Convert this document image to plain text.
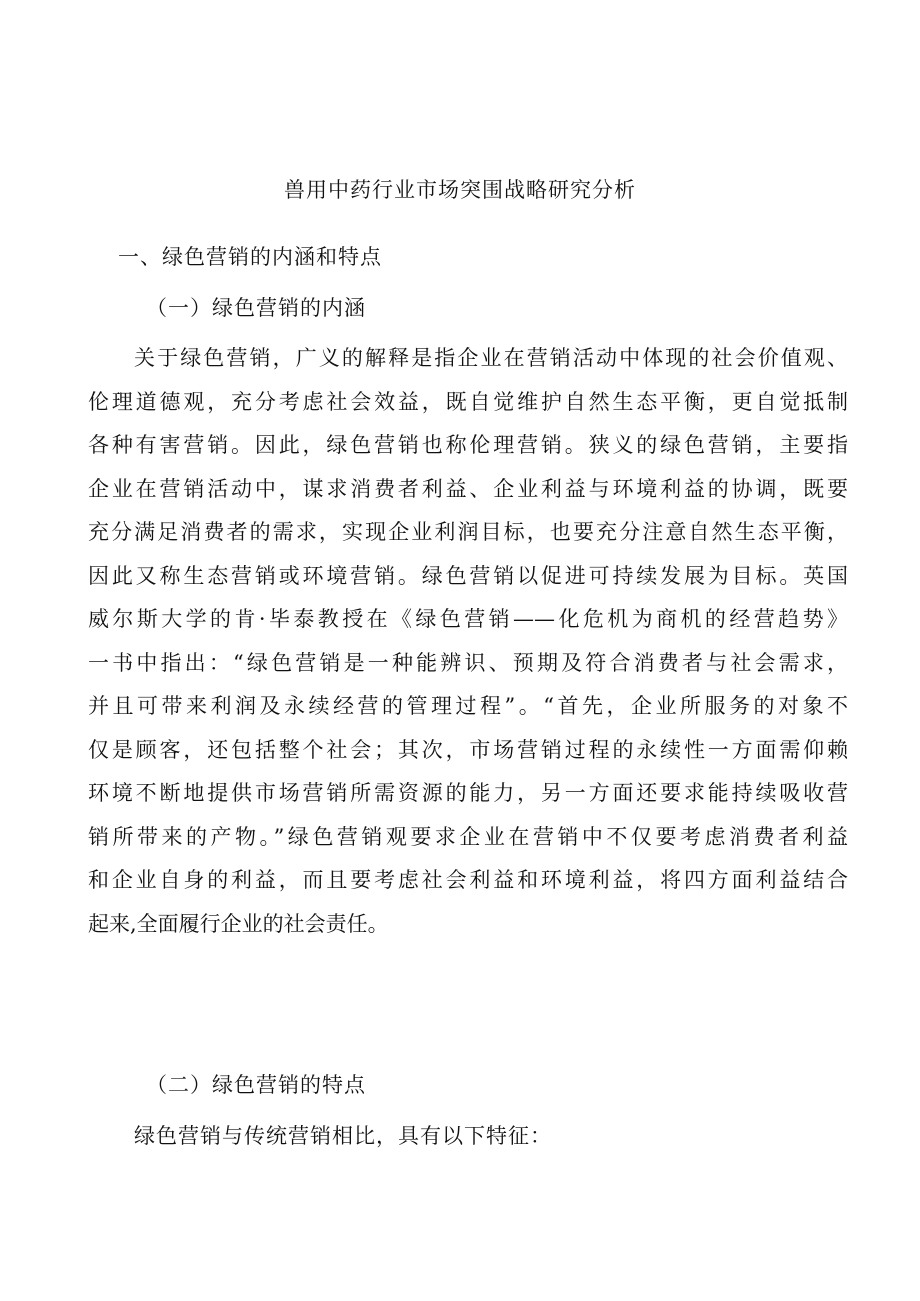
兽用中药行业市场突围战略研究分析
一、绿色营销的内涵和特点
（一）绿色营销的内涵
关于绿色营销，广义的解释是指企业在营销活动中体现的社会价值观、
伦理道德观，充分考虑社会效益，既自觉维护自然生态平衡，更自觉抵制
各种有害营销。因此，绿色营销也称伦理营销。狭义的绿色营销，主要指
企业在营销活动中，谋求消费者利益、企业利益与环境利益的协调，既要
充分满足消费者的需求，实现企业利润目标，也要充分注意自然生态平衡，
因此又称生态营销或环境营销。绿色营销以促进可持续发展为目标。英国
威尔斯大学的肯·毕泰教授在《绿色营销——化危机为商机的经营趋势》
一书中指出：“绿色营销是一种能辨识、预期及符合消费者与社会需求，
并且可带来利润及永续经营的管理过程”。“首先，企业所服务的对象不
仅是顾客，还包括整个社会；其次，市场营销过程的永续性一方面需仰赖
环境不断地提供市场营销所需资源的能力，另一方面还要求能持续吸收营
销所带来的产物。”绿色营销观要求企业在营销中不仅要考虑消费者利益
和企业自身的利益，而且要考虑社会利益和环境利益，将四方面利益结合
起来,全面履行企业的社会责任。
（二）绿色营销的特点
绿色营销与传统营销相比，具有以下特征：
